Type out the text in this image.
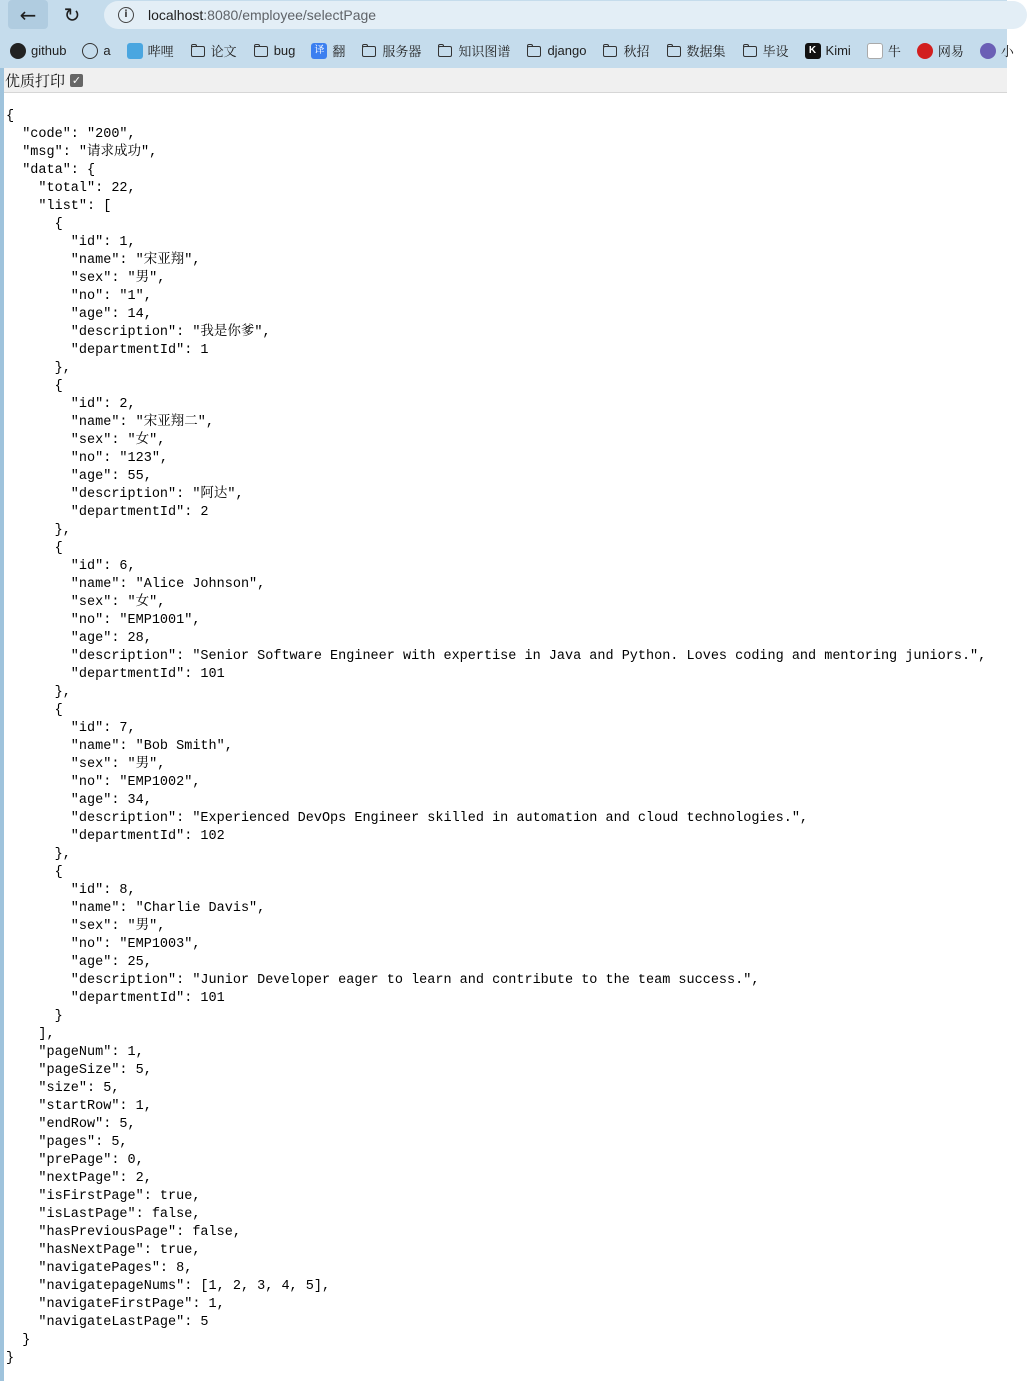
← ↻	i	localhost :8080/employee/selectPage
github	a	哔哩	论文	bug	译 翻	服务器	知识图谱	django	秋招	数据集	毕设	K Kimi	牛	网易	小
优质打印 ✓
{
"code": "200",
"msg": "请求成功",
"data": {
"total": 22,
"list": [
{
"id": 1,
"name": "宋亚翔",
"sex": "男",
"no": "1",
"age": 14,
"description": "我是你爹",
"departmentId": 1
},
{
"id": 2,
"name": "宋亚翔二",
"sex": "女",
"no": "123",
"age": 55,
"description": "阿达",
"departmentId": 2
},
{
"id": 6,
"name": "Alice Johnson",
"sex": "女",
"no": "EMP1001",
"age": 28,
"description": "Senior Software Engineer with expertise in Java and Python. Loves coding and mentoring juniors.",
"departmentId": 101
},
{
"id": 7,
"name": "Bob Smith",
"sex": "男",
"no": "EMP1002",
"age": 34,
"description": "Experienced DevOps Engineer skilled in automation and cloud technologies.",
"departmentId": 102
},
{
"id": 8,
"name": "Charlie Davis",
"sex": "男",
"no": "EMP1003",
"age": 25,
"description": "Junior Developer eager to learn and contribute to the team success.",
"departmentId": 101
}
],
"pageNum": 1,
"pageSize": 5,
"size": 5,
"startRow": 1,
"endRow": 5,
"pages": 5,
"prePage": 0,
"nextPage": 2,
"isFirstPage": true,
"isLastPage": false,
"hasPreviousPage": false,
"hasNextPage": true,
"navigatePages": 8,
"navigatepageNums": [1, 2, 3, 4, 5],
"navigateFirstPage": 1,
"navigateLastPage": 5
}
}
